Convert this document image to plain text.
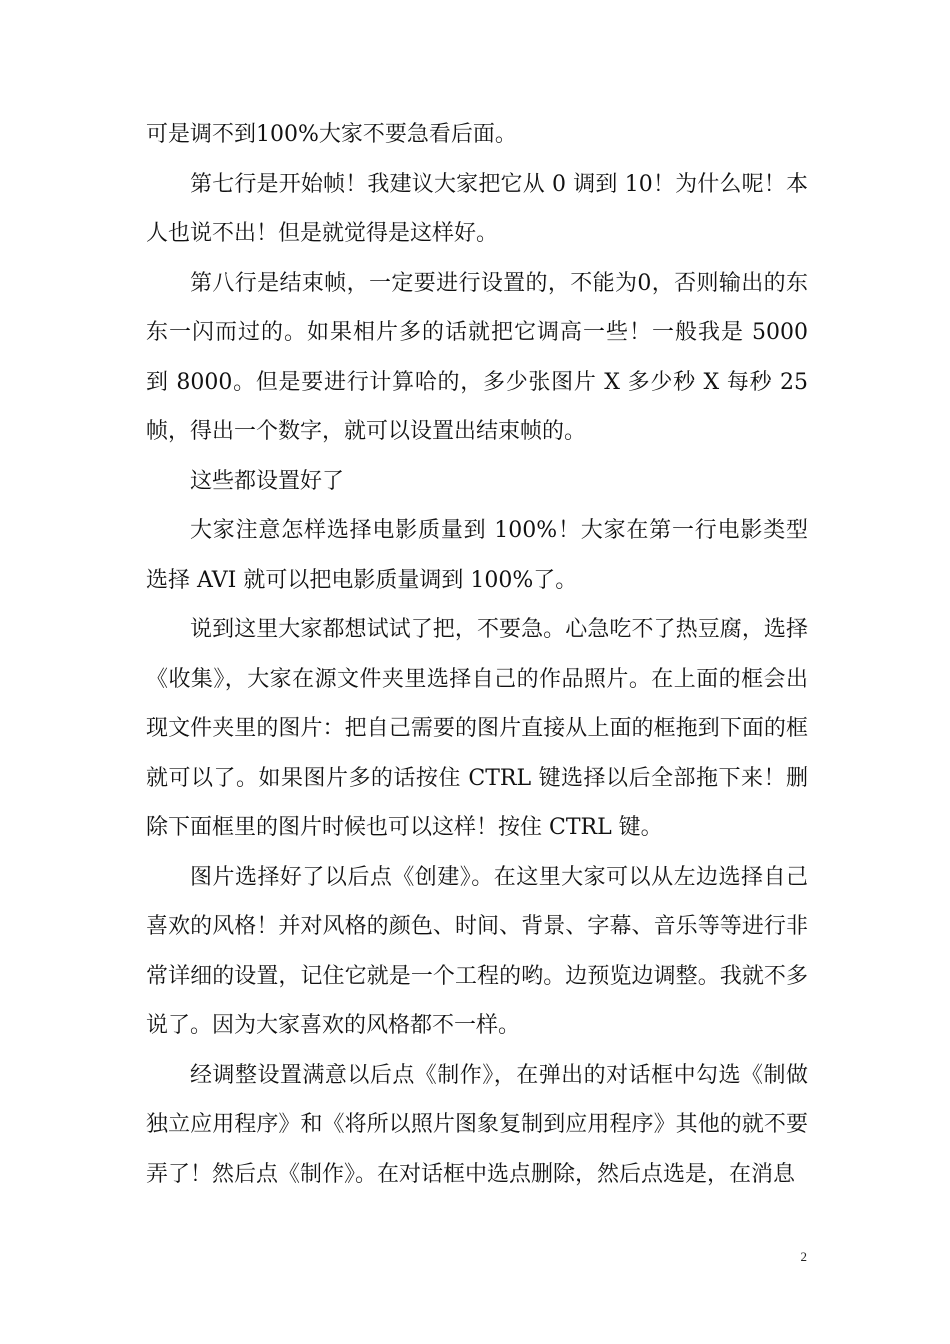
可是调不到100%大家不要急看后面。

第七行是开始帧！我建议大家把它从 0 调到 10！为什么呢！本人也说不出！但是就觉得是这样好。

第八行是结束帧，一定要进行设置的，不能为0，否则输出的东东一闪而过的。如果相片多的话就把它调高一些！一般我是 5000 到 8000。但是要进行计算哈的，多少张图片 X 多少秒 X 每秒 25 帧，得出一个数字，就可以设置出结束帧的。

这些都设置好了

大家注意怎样选择电影质量到 100%！大家在第一行电影类型选择 AVI 就可以把电影质量调到 100%了。

说到这里大家都想试试了把，不要急。心急吃不了热豆腐，选择《收集》，大家在源文件夹里选择自己的作品照片。在上面的框会出现文件夹里的图片：把自己需要的图片直接从上面的框拖到下面的框就可以了。如果图片多的话按住 CTRL 键选择以后全部拖下来！删除下面框里的图片时候也可以这样！按住 CTRL 键。

图片选择好了以后点《创建》。在这里大家可以从左边选择自己喜欢的风格！并对风格的颜色、时间、背景、字幕、音乐等等进行非常详细的设置，记住它就是一个工程的哟。边预览边调整。我就不多说了。因为大家喜欢的风格都不一样。

经调整设置满意以后点《制作》，在弹出的对话框中勾选《制做独立应用程序》和《将所以照片图象复制到应用程序》其他的就不要弄了！然后点《制作》。在对话框中选点删除，然后点选是，在消息

2
